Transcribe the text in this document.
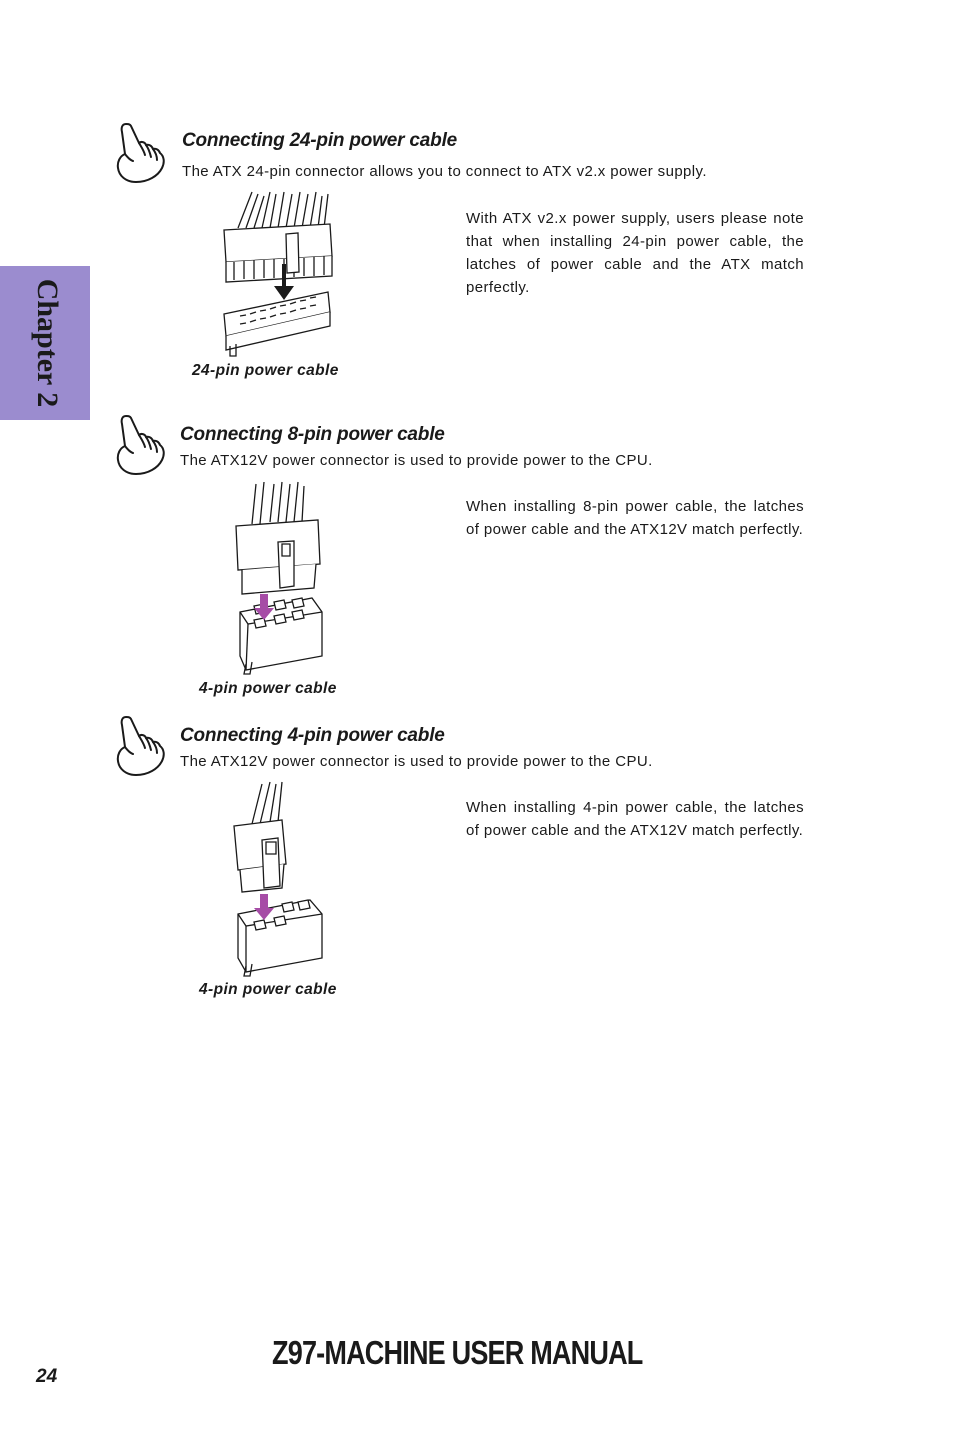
Chapter 2
Connecting 24-pin power cable
The ATX 24-pin connector allows you to connect to ATX v2.x power supply.
With ATX v2.x power supply, users please note that when installing 24-pin power cable, the latches of power cable and the ATX match perfectly.
24-pin power cable
Connecting 8-pin power cable
The ATX12V power connector is used to provide power to the CPU.
When installing 8-pin power cable, the latches of power cable and the ATX12V match perfectly.
4-pin power cable
Connecting 4-pin power cable
The ATX12V power connector is used to provide power to the CPU.
When installing 4-pin power cable, the latches of power cable and the ATX12V match perfectly.
4-pin power cable
24
Z97-MACHINE USER MANUAL
